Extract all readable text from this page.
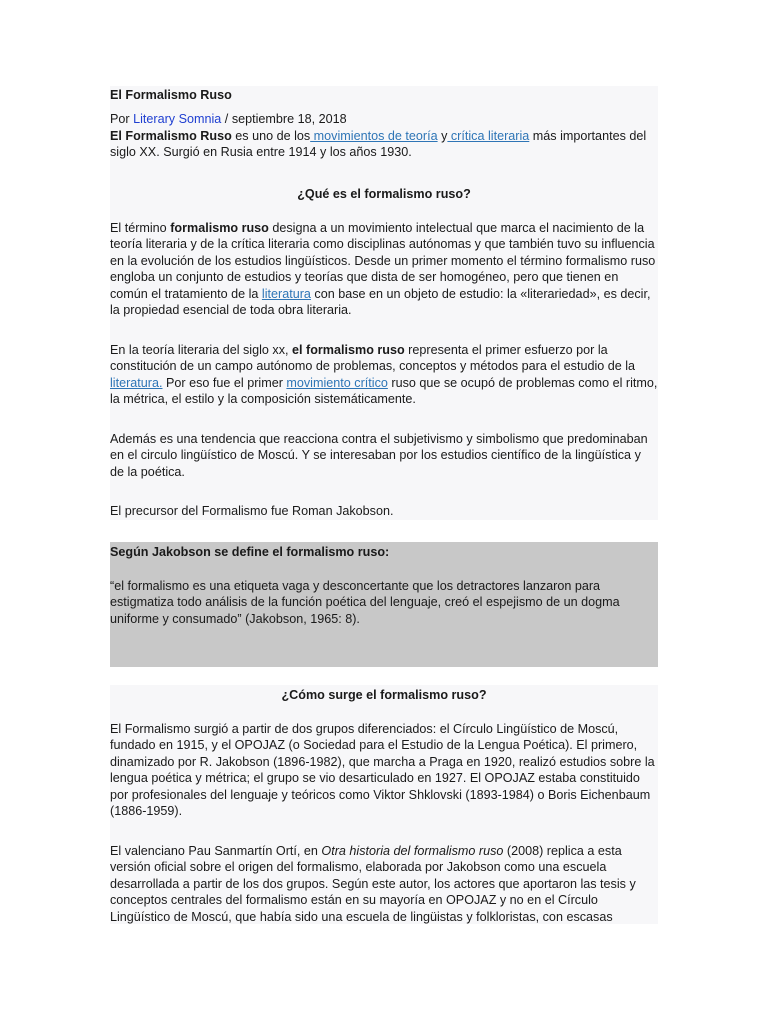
El Formalismo Ruso

Por Literary Somnia / septiembre 18, 2018

El Formalismo Ruso es uno de los movimientos de teoría y crítica literaria más importantes del siglo XX. Surgió en Rusia entre 1914 y los años 1930.

¿Qué es el formalismo ruso?

El término formalismo ruso designa a un movimiento intelectual que marca el nacimiento de la teoría literaria y de la crítica literaria como disciplinas autónomas y que también tuvo su influencia en la evolución de los estudios lingüísticos. Desde un primer momento el término formalismo ruso engloba un conjunto de estudios y teorías que dista de ser homogéneo, pero que tienen en común el tratamiento de la literatura con base en un objeto de estudio: la «literariedad», es decir, la propiedad esencial de toda obra literaria.

En la teoría literaria del siglo xx, el formalismo ruso representa el primer esfuerzo por la constitución de un campo autónomo de problemas, conceptos y métodos para el estudio de la literatura. Por eso fue el primer movimiento crítico ruso que se ocupó de problemas como el ritmo, la métrica, el estilo y la composición sistemáticamente.

Además es una tendencia que reacciona contra el subjetivismo y simbolismo que predominaban en el circulo lingüístico de Moscú. Y se interesaban por los estudios científico de la lingüística y de la poética.

El precursor del Formalismo fue Roman Jakobson.

Según Jakobson se define el formalismo ruso:

“el formalismo es una etiqueta vaga y desconcertante que los detractores lanzaron para estigmatiza todo análisis de la función poética del lenguaje, creó el espejismo de un dogma uniforme y consumado” (Jakobson, 1965: 8).

¿Cómo surge el formalismo ruso?

El Formalismo surgió a partir de dos grupos diferenciados: el Círculo Lingüístico de Moscú, fundado en 1915, y el OPOJAZ (o Sociedad para el Estudio de la Lengua Poética). El primero, dinamizado por R. Jakobson (1896-1982), que marcha a Praga en 1920, realizó estudios sobre la lengua poética y métrica; el grupo se vio desarticulado en 1927. El OPOJAZ estaba constituido por profesionales del lenguaje y teóricos como Viktor Shklovski (1893-1984) o Boris Eichenbaum (1886-1959).

El valenciano Pau Sanmartín Ortí, en Otra historia del formalismo ruso (2008) replica a esta versión oficial sobre el origen del formalismo, elaborada por Jakobson como una escuela desarrollada a partir de los dos grupos. Según este autor, los actores que aportaron las tesis y conceptos centrales del formalismo están en su mayoría en OPOJAZ y no en el Círculo Lingüístico de Moscú, que había sido una escuela de lingüistas y folkloristas, con escasas
